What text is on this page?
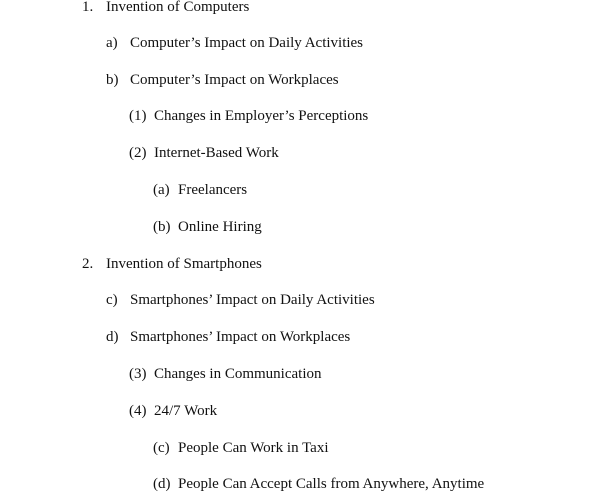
1. Invention of Computers
a) Computer’s Impact on Daily Activities
b) Computer’s Impact on Workplaces
(1) Changes in Employer’s Perceptions
(2) Internet-Based Work
(a) Freelancers
(b) Online Hiring
2. Invention of Smartphones
c) Smartphones’ Impact on Daily Activities
d) Smartphones’ Impact on Workplaces
(3) Changes in Communication
(4) 24/7 Work
(c) People Can Work in Taxi
(d) People Can Accept Calls from Anywhere, Anytime
